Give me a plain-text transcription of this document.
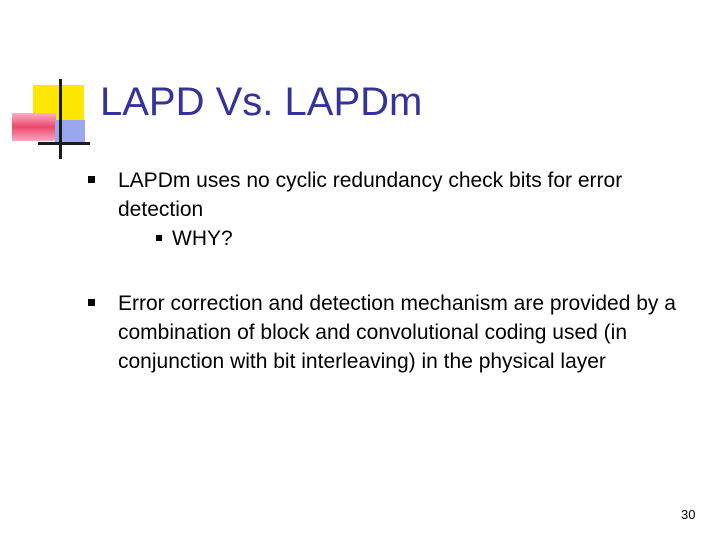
LAPD Vs. LAPDm
LAPDm uses no cyclic redundancy check bits for error detection
WHY?
Error correction and detection mechanism are provided by a combination of block and convolutional coding used (in conjunction with bit interleaving) in the physical layer
30
